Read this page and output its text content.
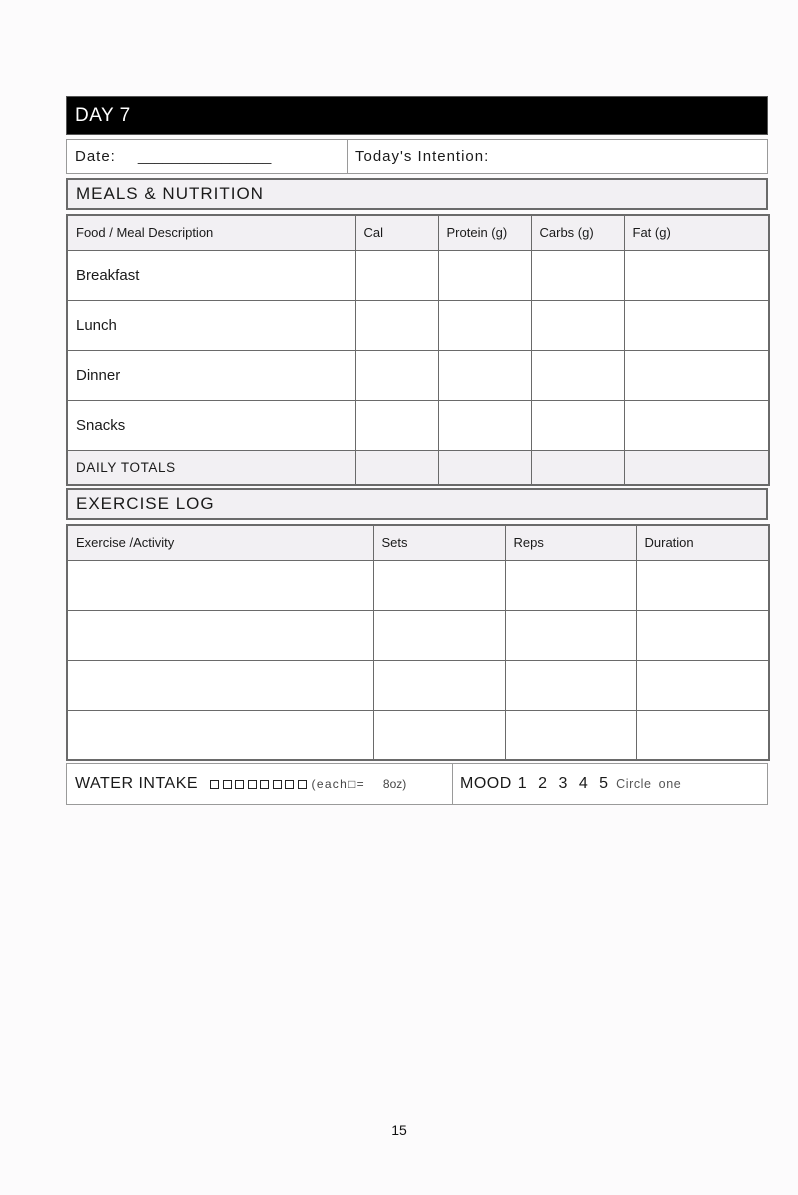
DAY 7
Date: ________________	Today's Intention:
MEALS & NUTRITION
Food / Meal Description	Cal	Protein (g)	Carbs (g)	Fat (g)
Breakfast				
Lunch				
Dinner				
Snacks				
DAILY TOTALS				
EXERCISE LOG
Exercise /Activity	Sets	Reps	Duration

WATER INTAKE	(each□= 8oz)	MOOD 1 2 3 4 5 Circle one
15
